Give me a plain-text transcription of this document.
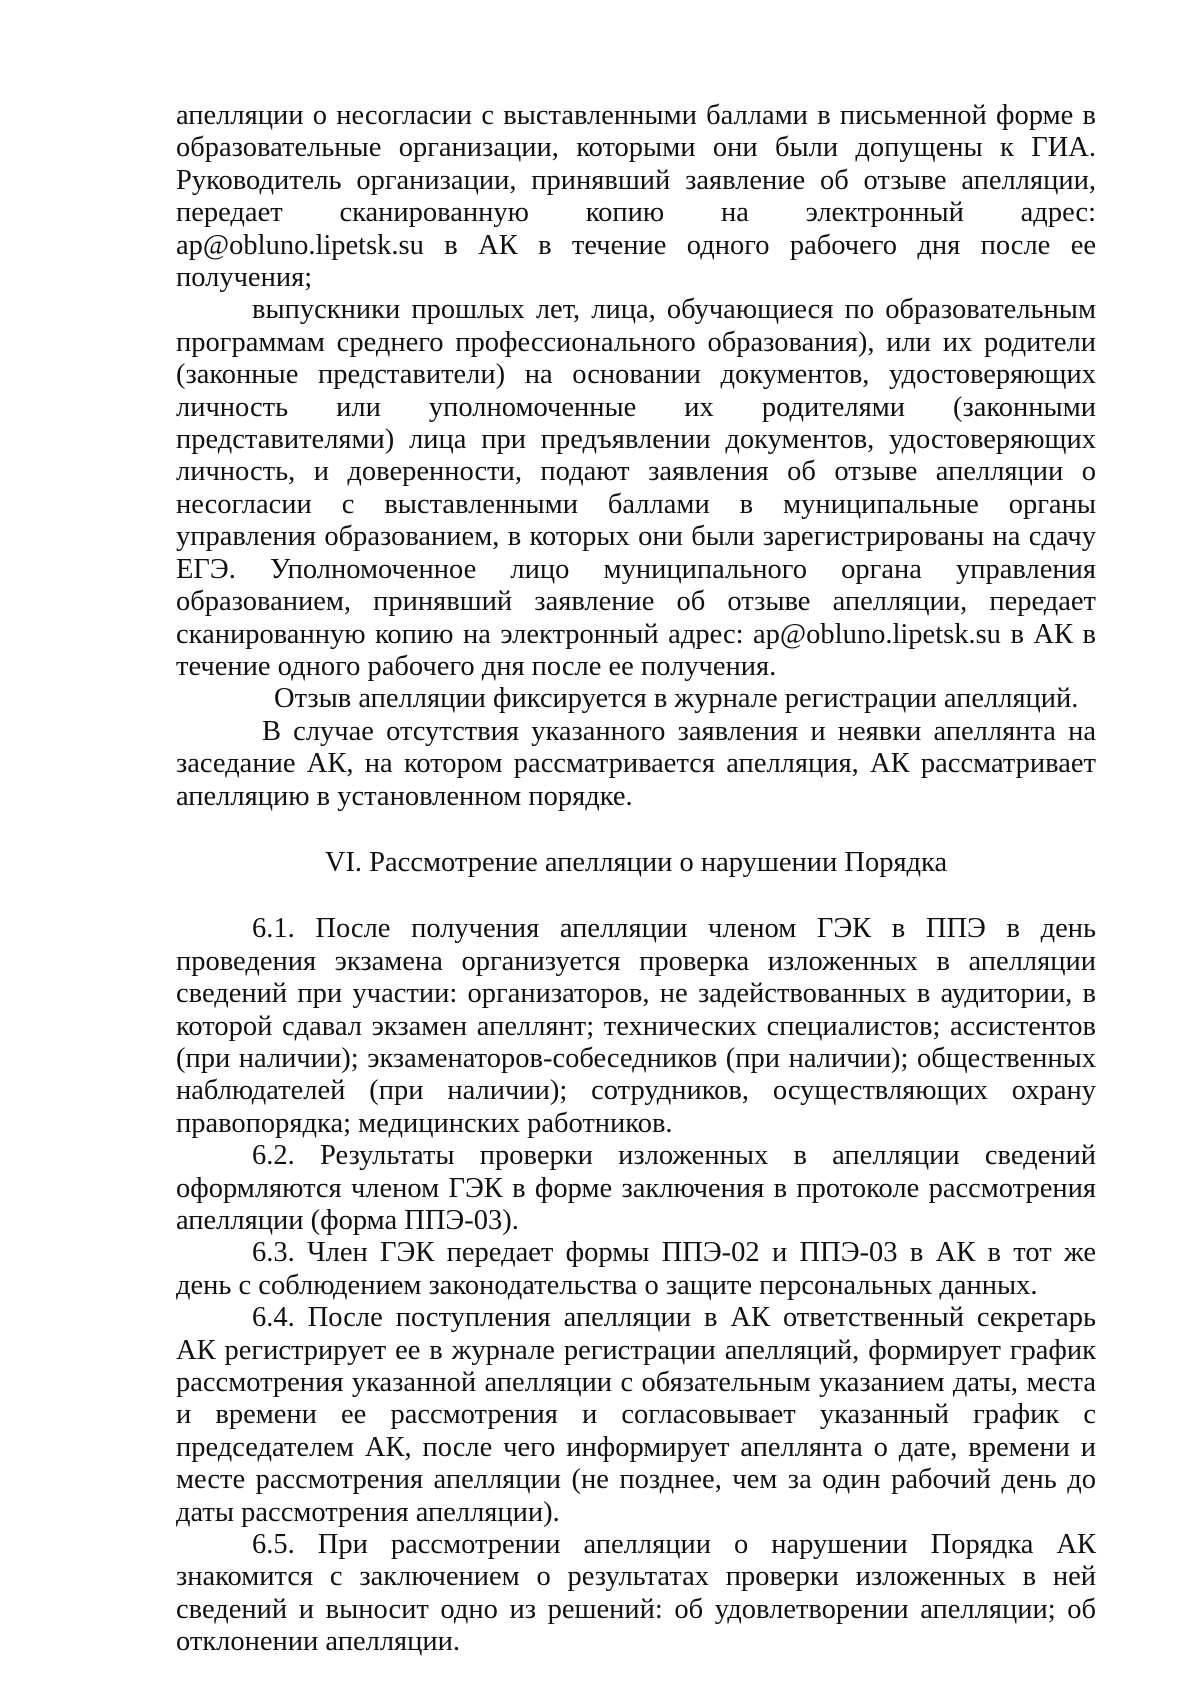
апелляции о несогласии с выставленными баллами в письменной форме в образовательные организации, которыми они были допущены к ГИА. Руководитель организации, принявший заявление об отзыве апелляции, передает сканированную копию на электронный адрес: ap@obluno.lipetsk.su в АК в течение одного рабочего дня после ее получения;

выпускники прошлых лет, лица, обучающиеся по образовательным программам среднего профессионального образования), или их родители (законные представители) на основании документов, удостоверяющих личность или уполномоченные их родителями (законными представителями) лица при предъявлении документов, удостоверяющих личность, и доверенности, подают заявления об отзыве апелляции о несогласии с выставленными баллами в муниципальные органы управления образованием, в которых они были зарегистрированы на сдачу ЕГЭ. Уполномоченное лицо муниципального органа управления образованием, принявший заявление об отзыве апелляции, передает сканированную копию на электронный адрес: ap@obluno.lipetsk.su в АК в течение одного рабочего дня после ее получения.

Отзыв апелляции фиксируется в журнале регистрации апелляций.

В случае отсутствия указанного заявления и неявки апеллянта на заседание АК, на котором рассматривается апелляция, АК рассматривает апелляцию в установленном порядке.

VI. Рассмотрение апелляции о нарушении Порядка

6.1. После получения апелляции членом ГЭК в ППЭ в день проведения экзамена организуется проверка изложенных в апелляции сведений при участии: организаторов, не задействованных в аудитории, в которой сдавал экзамен апеллянт; технических специалистов; ассистентов (при наличии); экзаменаторов-собеседников (при наличии); общественных наблюдателей (при наличии); сотрудников, осуществляющих охрану правопорядка; медицинских работников.

6.2. Результаты проверки изложенных в апелляции сведений оформляются членом ГЭК в форме заключения в протоколе рассмотрения апелляции (форма ППЭ-03).

6.3. Член ГЭК передает формы ППЭ-02 и ППЭ-03 в АК в тот же день с соблюдением законодательства о защите персональных данных.

6.4. После поступления апелляции в АК ответственный секретарь АК регистрирует ее в журнале регистрации апелляций, формирует график рассмотрения указанной апелляции с обязательным указанием даты, места и времени ее рассмотрения и согласовывает указанный график с председателем АК, после чего информирует апеллянта о дате, времени и месте рассмотрения апелляции (не позднее, чем за один рабочий день до даты рассмотрения апелляции).

6.5. При рассмотрении апелляции о нарушении Порядка АК знакомится с заключением о результатах проверки изложенных в ней сведений и выносит одно из решений: об удовлетворении апелляции; об отклонении апелляции.
